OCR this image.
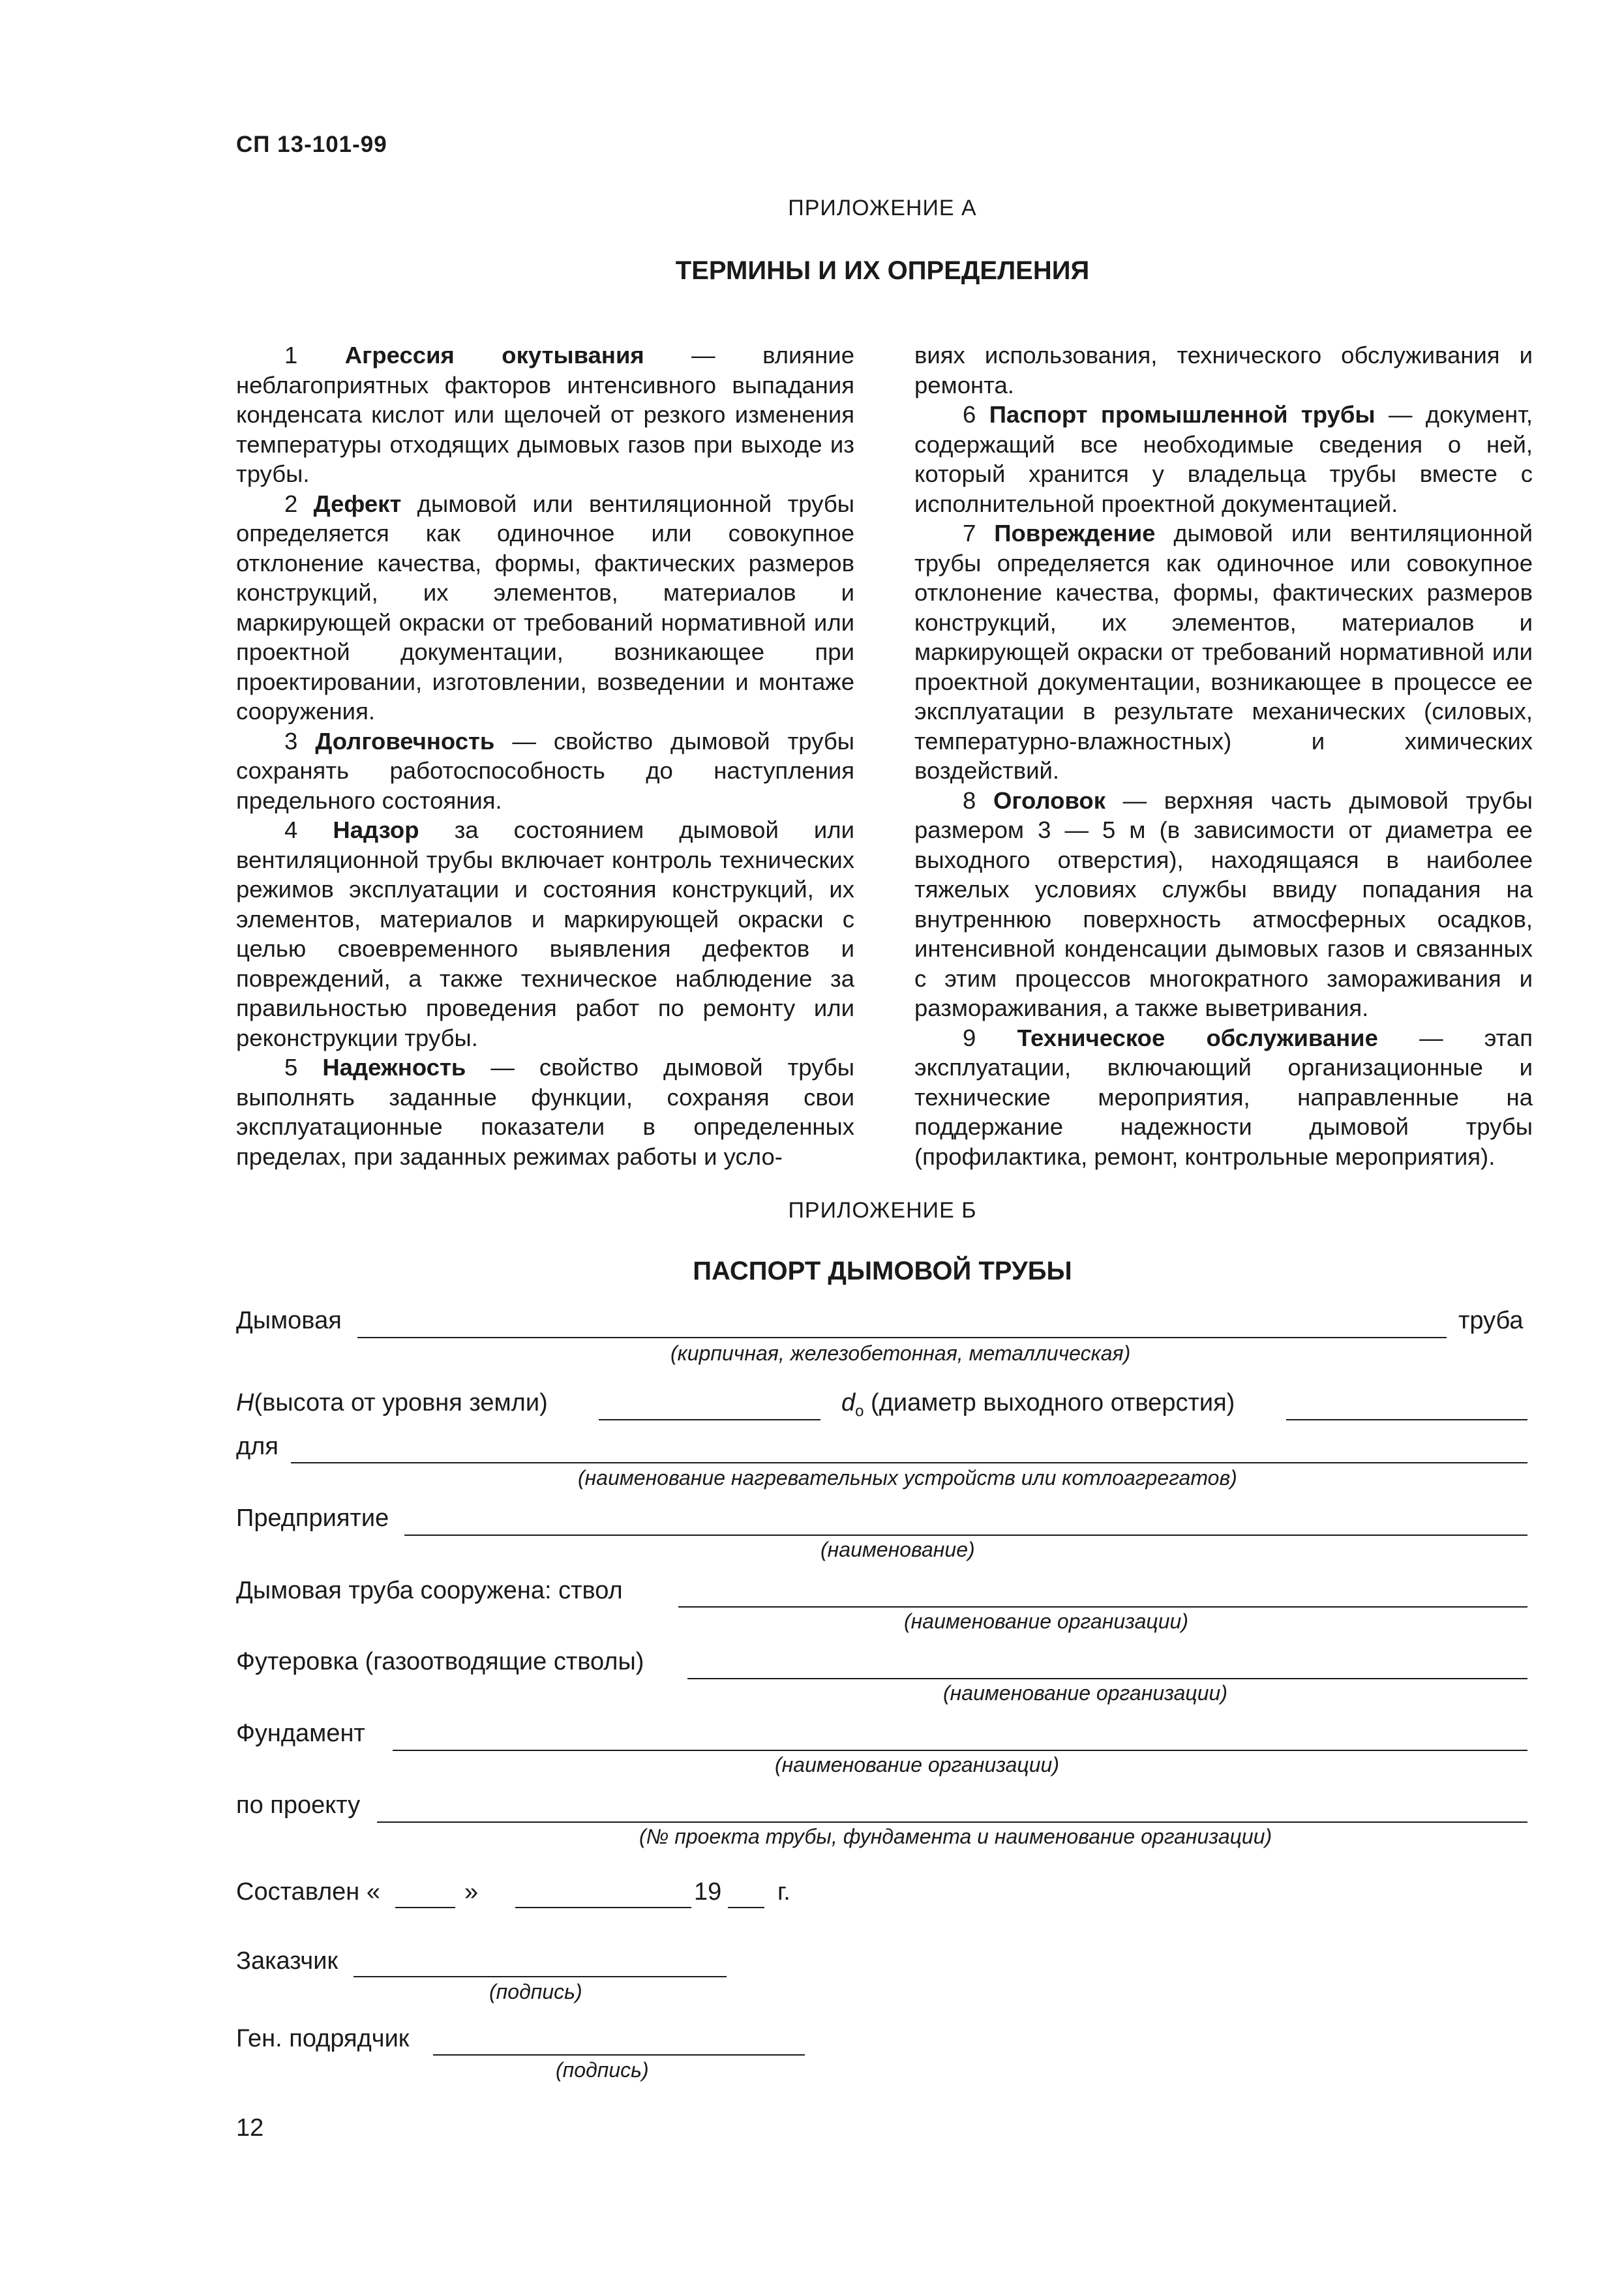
СП 13-101-99
ПРИЛОЖЕНИЕ А
ТЕРМИНЫ И ИХ ОПРЕДЕЛЕНИЯ

1 Агрессия окутывания — влияние неблагоприятных факторов интенсивного выпадания конденсата кислот или щелочей от резкого изменения температуры отходящих дымовых газов при выходе из трубы.

2 Дефект дымовой или вентиляционной трубы определяется как одиночное или совокупное отклонение качества, формы, фактических размеров конструкций, их элементов, материалов и маркирующей окраски от требований нормативной или проектной документации, возникающее при проектировании, изготовлении, возведении и монтаже сооружения.

3 Долговечность — свойство дымовой трубы сохранять работоспособность до наступления предельного состояния.

4 Надзор за состоянием дымовой или вентиляционной трубы включает контроль технических режимов эксплуатации и состояния конструкций, их элементов, материалов и маркирующей окраски с целью своевременного выявления дефектов и повреждений, а также техническое наблюдение за правильностью проведения работ по ремонту или реконструкции трубы.

5 Надежность — свойство дымовой трубы выполнять заданные функции, сохраняя свои эксплуатационные показатели в определенных пределах, при заданных режимах работы и усло-

виях использования, технического обслуживания и ремонта.

6 Паспорт промышленной трубы — документ, содержащий все необходимые сведения о ней, который хранится у владельца трубы вместе с исполнительной проектной документацией.

7 Повреждение дымовой или вентиляционной трубы определяется как одиночное или совокупное отклонение качества, формы, фактических размеров конструкций, их элементов, материалов и маркирующей окраски от требований нормативной или проектной документации, возникающее в процессе ее эксплуатации в результате механических (силовых, температурно-влажностных) и химических воздействий.

8 Оголовок — верхняя часть дымовой трубы размером 3 — 5 м (в зависимости от диаметра ее выходного отверстия), находящаяся в наиболее тяжелых условиях службы ввиду попадания на внутреннюю поверхность атмосферных осадков, интенсивной конденсации дымовых газов и связанных с этим процессов многократного замораживания и размораживания, а также выветривания.

9 Техническое обслуживание — этап эксплуатации, включающий организационные и технические мероприятия, направленные на поддержание надежности дымовой трубы (профилактика, ремонт, контрольные мероприятия).

ПРИЛОЖЕНИЕ Б
ПАСПОРТ ДЫМОВОЙ ТРУБЫ
Дымовая	труба
(кирпичная, железобетонная, металлическая)
H(высота от уровня земли)	$d_o$ (диаметр выходного отверстия)
для
(наименование нагревательных устройств или котлоагрегатов)
Предприятие
(наименование)
Дымовая труба сооружена: ствол
(наименование организации)
Футеровка (газоотводящие стволы)
(наименование организации)
Фундамент
(наименование организации)
по проекту
(№ проекта трубы, фундамента и наименование организации)
Составлен «	»	19 г.
Заказчик
(подпись)
Ген. подрядчик
(подпись)
12
